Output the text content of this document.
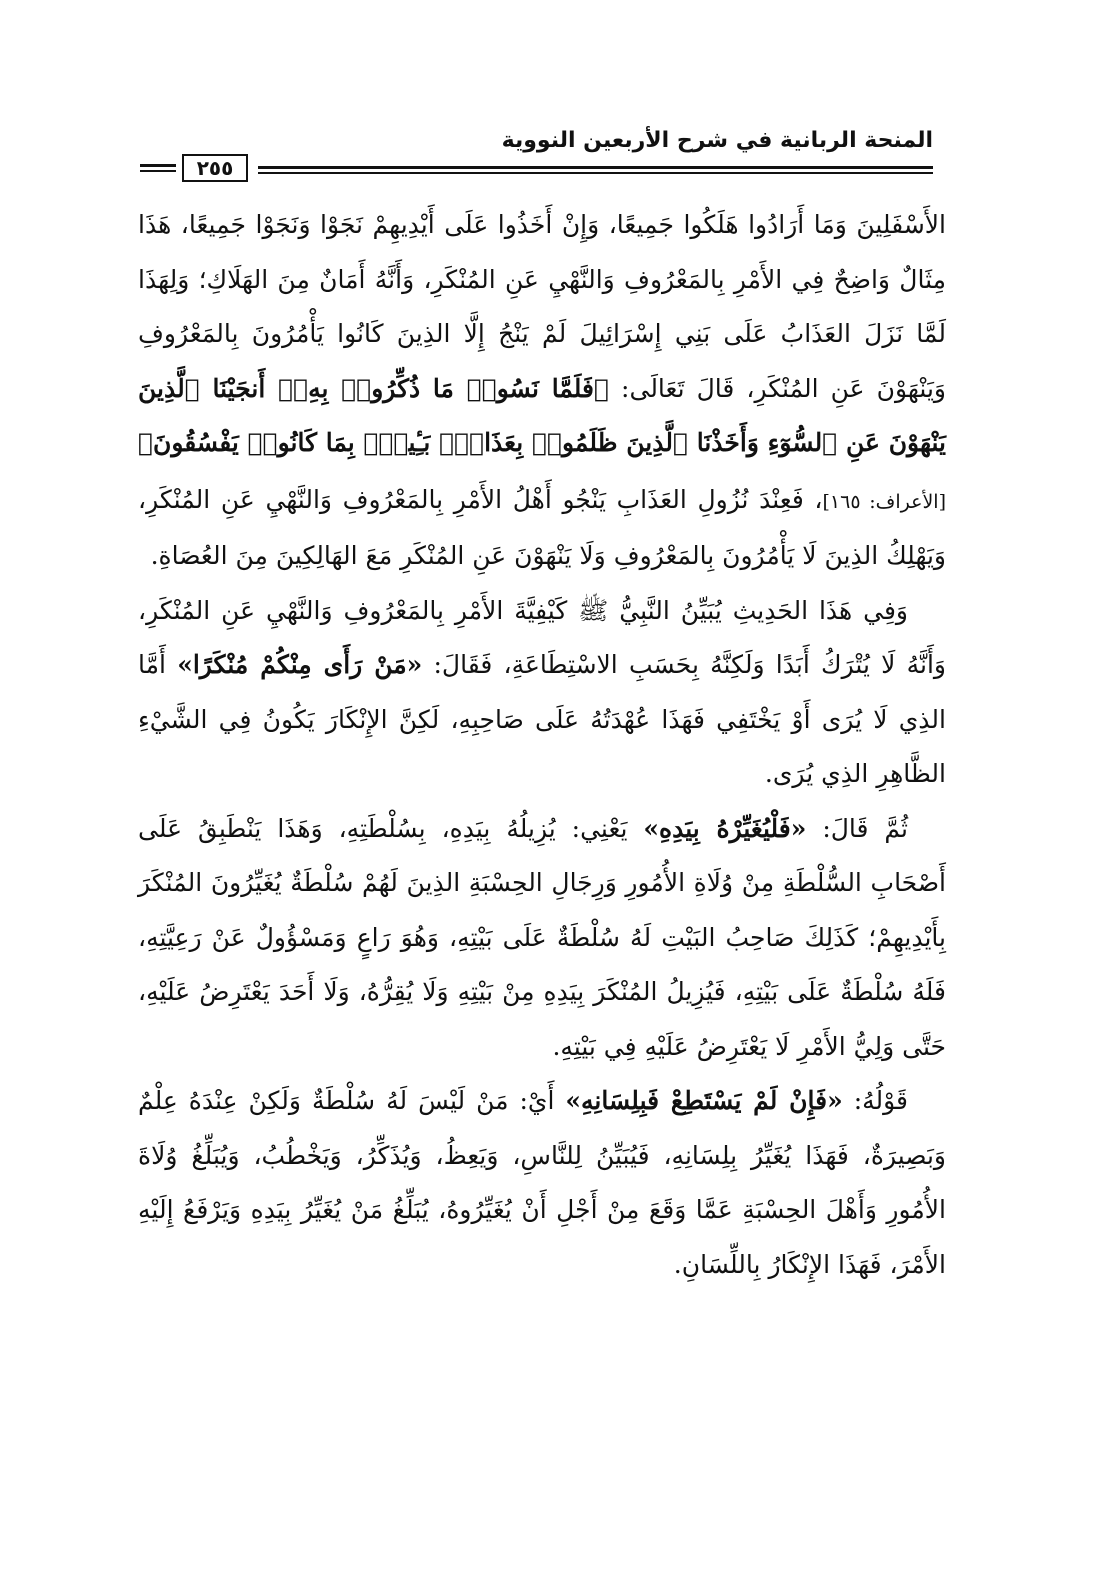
المنحة الربانية في شرح الأربعين النووية
٢٥٥

الأَسْفَلِينَ وَمَا أَرَادُوا هَلَكُوا جَمِيعًا، وَإِنْ أَخَذُوا عَلَى أَيْدِيهِمْ نَجَوْا وَنَجَوْا جَمِيعًا، هَذَا مِثَالٌ وَاضِحٌ فِي الأَمْرِ بِالمَعْرُوفِ وَالنَّهْيِ عَنِ المُنْكَرِ، وَأَنَّهُ أَمَانٌ مِنَ الهَلَاكِ؛ وَلِهَذَا لَمَّا نَزَلَ العَذَابُ عَلَى بَنِي إِسْرَائِيلَ لَمْ يَنْجُ إِلَّا الذِينَ كَانُوا يَأْمُرُونَ بِالمَعْرُوفِ وَيَنْهَوْنَ عَنِ المُنْكَرِ، قَالَ تَعَالَى: ﴿فَلَمَّا نَسُوا۟ مَا ذُكِّرُوا۟ بِهِۦٓ أَنجَيْنَا ٱلَّذِينَ يَنْهَوْنَ عَنِ ٱلسُّوٓءِ وَأَخَذْنَا ٱلَّذِينَ ظَلَمُوا۟ بِعَذَابٍۭ بَـِٔيسٍۭ بِمَا كَانُوا۟ يَفْسُقُونَ﴾ [الأعراف: ١٦٥]، فَعِنْدَ نُزُولِ العَذَابِ يَنْجُو أَهْلُ الأَمْرِ بِالمَعْرُوفِ وَالنَّهْيِ عَنِ المُنْكَرِ، وَيَهْلِكُ الذِينَ لَا يَأْمُرُونَ بِالمَعْرُوفِ وَلَا يَنْهَوْنَ عَنِ المُنْكَرِ مَعَ الهَالِكِينَ مِنَ العُصَاةِ.

وَفِي هَذَا الحَدِيثِ يُبَيِّنُ النَّبِيُّ ﷺ كَيْفِيَّةَ الأَمْرِ بِالمَعْرُوفِ وَالنَّهْيِ عَنِ المُنْكَرِ، وَأَنَّهُ لَا يُتْرَكُ أَبَدًا وَلَكِنَّهُ بِحَسَبِ الاسْتِطَاعَةِ، فَقَالَ: «مَنْ رَأَى مِنْكُمْ مُنْكَرًا» أَمَّا الذِي لَا يُرَى أَوْ يَخْتَفِي فَهَذَا عُهْدَتُهُ عَلَى صَاحِبِهِ، لَكِنَّ الإِنْكَارَ يَكُونُ فِي الشَّيْءِ الظَّاهِرِ الذِي يُرَى.

ثُمَّ قَالَ: «فَلْيُغَيِّرْهُ بِيَدِهِ» يَعْنِي: يُزِيلُهُ بِيَدِهِ، بِسُلْطَتِهِ، وَهَذَا يَنْطَبِقُ عَلَى أَصْحَابِ السُّلْطَةِ مِنْ وُلَاةِ الأُمُورِ وَرِجَالِ الحِسْبَةِ الذِينَ لَهُمْ سُلْطَةٌ يُغَيِّرُونَ المُنْكَرَ بِأَيْدِيهِمْ؛ كَذَلِكَ صَاحِبُ البَيْتِ لَهُ سُلْطَةٌ عَلَى بَيْتِهِ، وَهُوَ رَاعٍ وَمَسْؤُولٌ عَنْ رَعِيَّتِهِ، فَلَهُ سُلْطَةٌ عَلَى بَيْتِهِ، فَيُزِيلُ المُنْكَرَ بِيَدِهِ مِنْ بَيْتِهِ وَلَا يُقِرُّهُ، وَلَا أَحَدَ يَعْتَرِضُ عَلَيْهِ، حَتَّى وَلِيُّ الأَمْرِ لَا يَعْتَرِضُ عَلَيْهِ فِي بَيْتِهِ.

قَوْلُهُ: «فَإِنْ لَمْ يَسْتَطِعْ فَبِلِسَانِهِ» أَيْ: مَنْ لَيْسَ لَهُ سُلْطَةٌ وَلَكِنْ عِنْدَهُ عِلْمٌ وَبَصِيرَةٌ، فَهَذَا يُغَيِّرُ بِلِسَانِهِ، فَيُبَيِّنُ لِلنَّاسِ، وَيَعِظُ، وَيُذَكِّرُ، وَيَخْطُبُ، وَيُبَلِّغُ وُلَاةَ الأُمُورِ وَأَهْلَ الحِسْبَةِ عَمَّا وَقَعَ مِنْ أَجْلِ أَنْ يُغَيِّرُوهُ، يُبَلِّغُ مَنْ يُغَيِّرُ بِيَدِهِ وَيَرْفَعُ إِلَيْهِ الأَمْرَ، فَهَذَا الإِنْكَارُ بِاللِّسَانِ.
